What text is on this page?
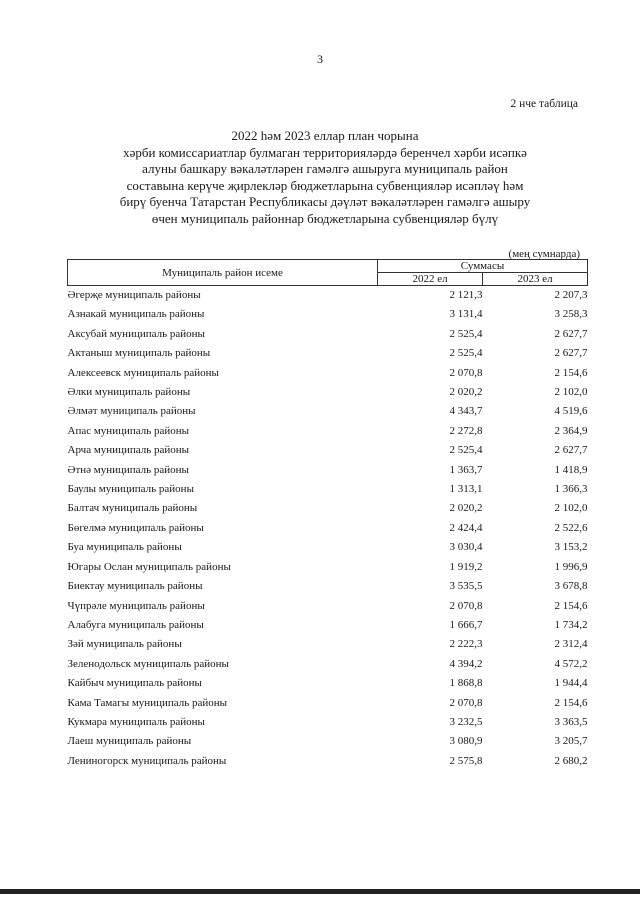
3
2 нче таблица
2022 һәм 2023 еллар план чорына
хәрби комиссариатлар булмаган территорияләрдә беренчел хәрби исәпкә
алуны башкару вәкаләтләрен гамәлгә ашыруга муниципаль район
составына керүче җирлекләр бюджетларына субвенцияләр исәпләү һәм
бирү буенча Татарстан Республикасы дәүләт вәкаләтләрен гамәлгә ашыру
өчен муниципаль районнар бюджетларына субвенцияләр бүлү
(мең сумнарда)
Муниципаль район исеме	Суммасы	
	2022 ел	2023 ел
Әгерҗе муниципаль районы	2 121,3	2 207,3
Азнакай муниципаль районы	3 131,4	3 258,3
Аксубай муниципаль районы	2 525,4	2 627,7
Актаныш муниципаль районы	2 525,4	2 627,7
Алексеевск муниципаль районы	2 070,8	2 154,6
Әлки муниципаль районы	2 020,2	2 102,0
Әлмәт муниципаль районы	4 343,7	4 519,6
Апас муниципаль районы	2 272,8	2 364,9
Арча муниципаль районы	2 525,4	2 627,7
Әтнә муниципаль районы	1 363,7	1 418,9
Баулы муниципаль районы	1 313,1	1 366,3
Балтач муниципаль районы	2 020,2	2 102,0
Бөгелмә муниципаль районы	2 424,4	2 522,6
Буа муниципаль районы	3 030,4	3 153,2
Югары Ослан муниципаль районы	1 919,2	1 996,9
Биектау муниципаль районы	3 535,5	3 678,8
Чүпрәле муниципаль районы	2 070,8	2 154,6
Алабуга муниципаль районы	1 666,7	1 734,2
Зәй муниципаль районы	2 222,3	2 312,4
Зеленодольск муниципаль районы	4 394,2	4 572,2
Кайбыч муниципаль районы	1 868,8	1 944,4
Кама Тамагы муниципаль районы	2 070,8	2 154,6
Кукмара муниципаль районы	3 232,5	3 363,5
Лаеш муниципаль районы	3 080,9	3 205,7
Лениногорск муниципаль районы	2 575,8	2 680,2
